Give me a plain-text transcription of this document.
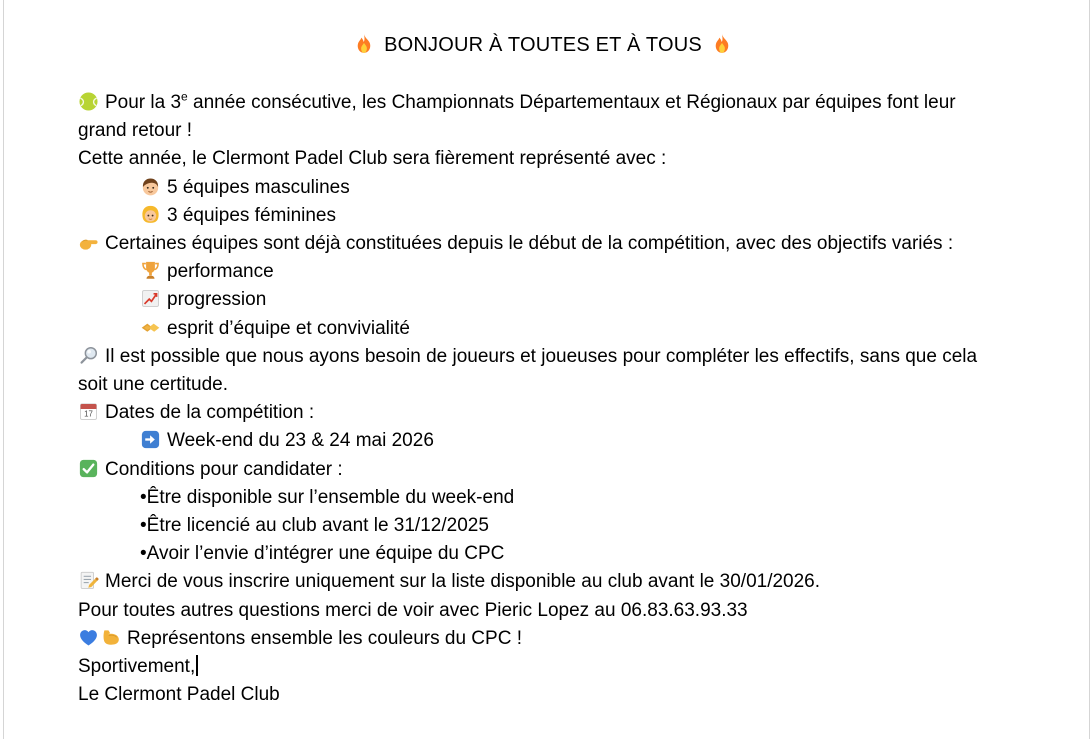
BONJOUR À TOUTES ET À TOUS
Pour la 3e année consécutive, les Championnats Départementaux et Régionaux par équipes font leur grand retour !
Cette année, le Clermont Padel Club sera fièrement représenté avec :
5 équipes masculines
3 équipes féminines
Certaines équipes sont déjà constituées depuis le début de la compétition, avec des objectifs variés :
performance
progression
esprit d’équipe et convivialité
Il est possible que nous ayons besoin de joueurs et joueuses pour compléter les effectifs, sans que cela soit une certitude.
17 Dates de la compétition :
Week-end du 23 & 24 mai 2026
Conditions pour candidater :
•Être disponible sur l’ensemble du week-end
•Être licencié au club avant le 31/12/2025
•Avoir l’envie d’intégrer une équipe du CPC
Merci de vous inscrire uniquement sur la liste disponible au club avant le 30/01/2026.
Pour toutes autres questions merci de voir avec Pieric Lopez au 06.83.63.93.33
Représentons ensemble les couleurs du CPC !
Sportivement,
Le Clermont Padel Club
